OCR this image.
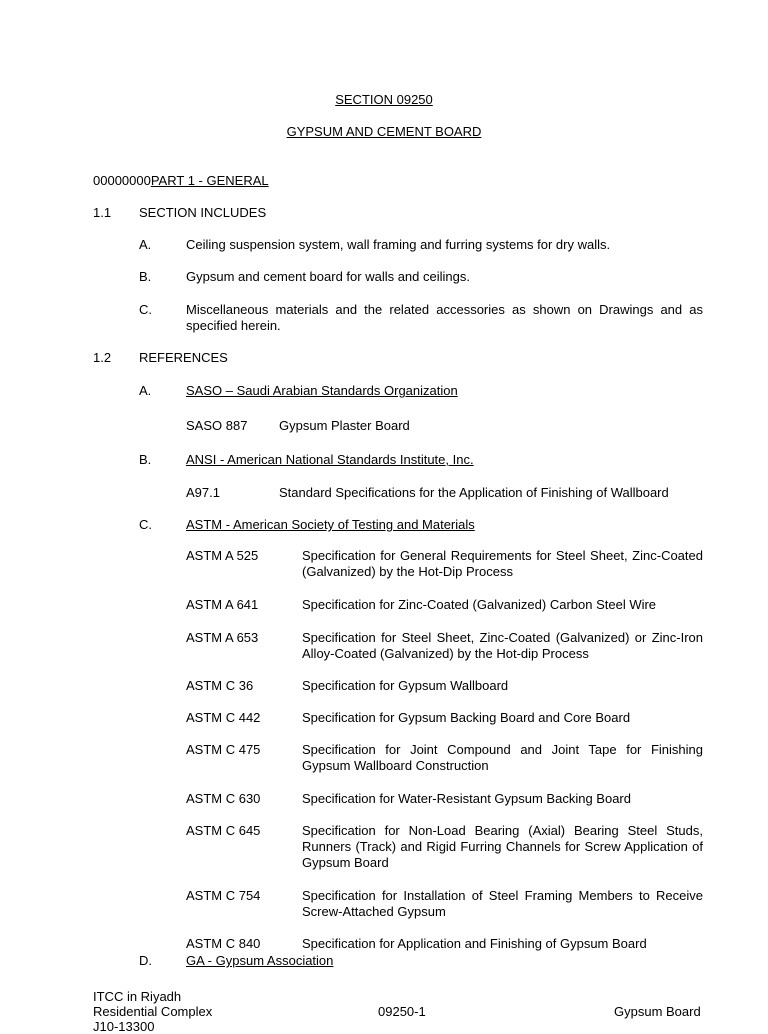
SECTION 09250
GYPSUM AND CEMENT BOARD
00000000PART 1 - GENERAL
1.1 SECTION INCLUDES
A.	Ceiling suspension system, wall framing and furring systems for dry walls.
B.	Gypsum and cement board for walls and ceilings.
C.	Miscellaneous materials and the related accessories as shown on Drawings and as specified herein.
1.2 REFERENCES
A.	SASO – Saudi Arabian Standards Organization
SASO 887 Gypsum Plaster Board
B.	ANSI - American National Standards Institute, Inc.
A97.1	Standard Specifications for the Application of Finishing of Wallboard
C.	ASTM - American Society of Testing and Materials
ASTM A 525	Specification for General Requirements for Steel Sheet, Zinc-Coated (Galvanized) by the Hot-Dip Process
ASTM A 641	Specification for Zinc-Coated (Galvanized) Carbon Steel Wire
ASTM A 653	Specification for Steel Sheet, Zinc-Coated (Galvanized) or Zinc-Iron Alloy-Coated (Galvanized) by the Hot-dip Process
ASTM C 36	Specification for Gypsum Wallboard
ASTM C 442	Specification for Gypsum Backing Board and Core Board
ASTM C 475	Specification for Joint Compound and Joint Tape for Finishing Gypsum Wallboard Construction
ASTM C 630	Specification for Water-Resistant Gypsum Backing Board
ASTM C 645	Specification for Non-Load Bearing (Axial) Bearing Steel Studs, Runners (Track) and Rigid Furring Channels for Screw Application of Gypsum Board
ASTM C 754	Specification for Installation of Steel Framing Members to Receive Screw-Attached Gypsum
ASTM C 840	Specification for Application and Finishing of Gypsum Board
D.	GA - Gypsum Association
ITCC in Riyadh
Residential Complex
J10-13300
09250-1	Gypsum Board
